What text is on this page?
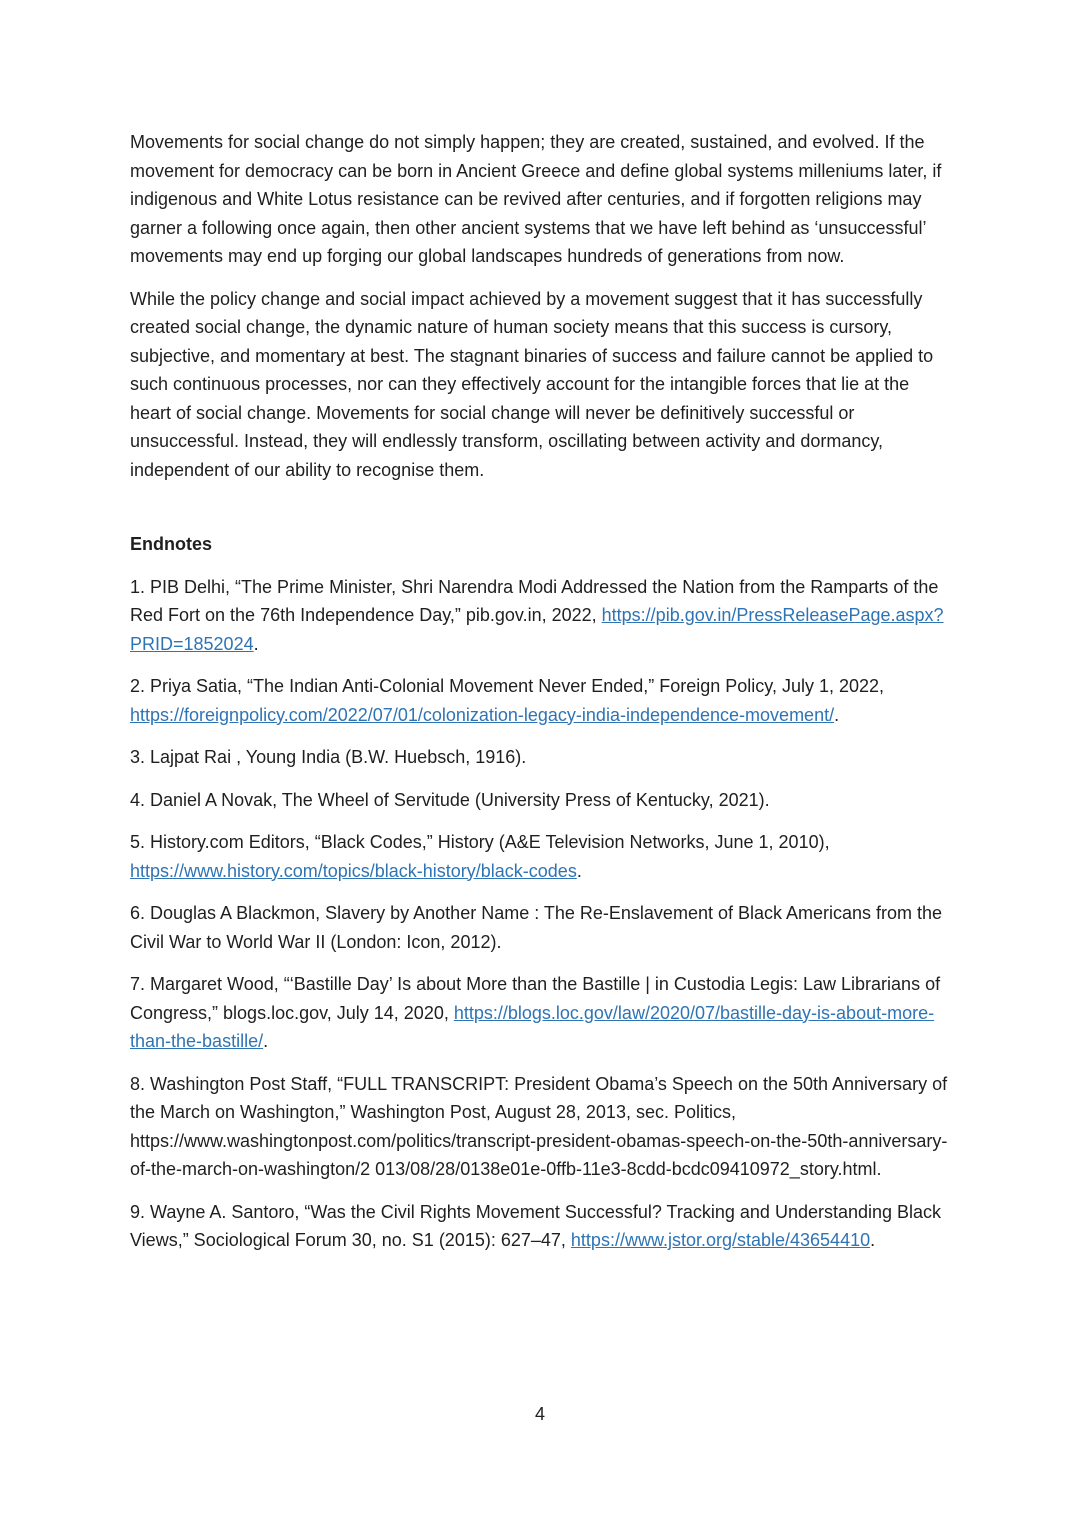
Movements for social change do not simply happen; they are created, sustained, and evolved. If the movement for democracy can be born in Ancient Greece and define global systems milleniums later, if indigenous and White Lotus resistance can be revived after centuries, and if forgotten religions may garner a following once again, then other ancient systems that we have left behind as ‘unsuccessful’ movements may end up forging our global landscapes hundreds of generations from now.

While the policy change and social impact achieved by a movement suggest that it has successfully created social change, the dynamic nature of human society means that this success is cursory, subjective, and momentary at best. The stagnant binaries of success and failure cannot be applied to such continuous processes, nor can they effectively account for the intangible forces that lie at the heart of social change. Movements for social change will never be definitively successful or unsuccessful. Instead, they will endlessly transform, oscillating between activity and dormancy, independent of our ability to recognise them.

Endnotes

1. PIB Delhi, “The Prime Minister, Shri Narendra Modi Addressed the Nation from the Ramparts of the Red Fort on the 76th Independence Day,” pib.gov.in, 2022, https://pib.gov.in/PressReleasePage.aspx?PRID=1852024.

2. Priya Satia, “The Indian Anti-Colonial Movement Never Ended,” Foreign Policy, July 1, 2022, https://foreignpolicy.com/2022/07/01/colonization-legacy-india-independence-movement/.

3. Lajpat Rai , Young India (B.W. Huebsch, 1916).

4. Daniel A Novak, The Wheel of Servitude (University Press of Kentucky, 2021).

5. History.com Editors, “Black Codes,” History (A&E Television Networks, June 1, 2010), https://www.history.com/topics/black-history/black-codes.

6. Douglas A Blackmon, Slavery by Another Name : The Re-Enslavement of Black Americans from the Civil War to World War II (London: Icon, 2012).

7. Margaret Wood, “‘Bastille Day’ Is about More than the Bastille | in Custodia Legis: Law Librarians of Congress,” blogs.loc.gov, July 14, 2020, https://blogs.loc.gov/law/2020/07/bastille-day-is-about-more-than-the-bastille/.

8. Washington Post Staff, “FULL TRANSCRIPT: President Obama’s Speech on the 50th Anniversary of the March on Washington,” Washington Post, August 28, 2013, sec. Politics, https://www.washingtonpost.com/politics/transcript-president-obamas-speech-on-the-50th-anniversary-of-the-march-on-washington/2 013/08/28/0138e01e-0ffb-11e3-8cdd-bcdc09410972_story.html.

9. Wayne A. Santoro, “Was the Civil Rights Movement Successful? Tracking and Understanding Black Views,” Sociological Forum 30, no. S1 (2015): 627–47, https://www.jstor.org/stable/43654410.

4
